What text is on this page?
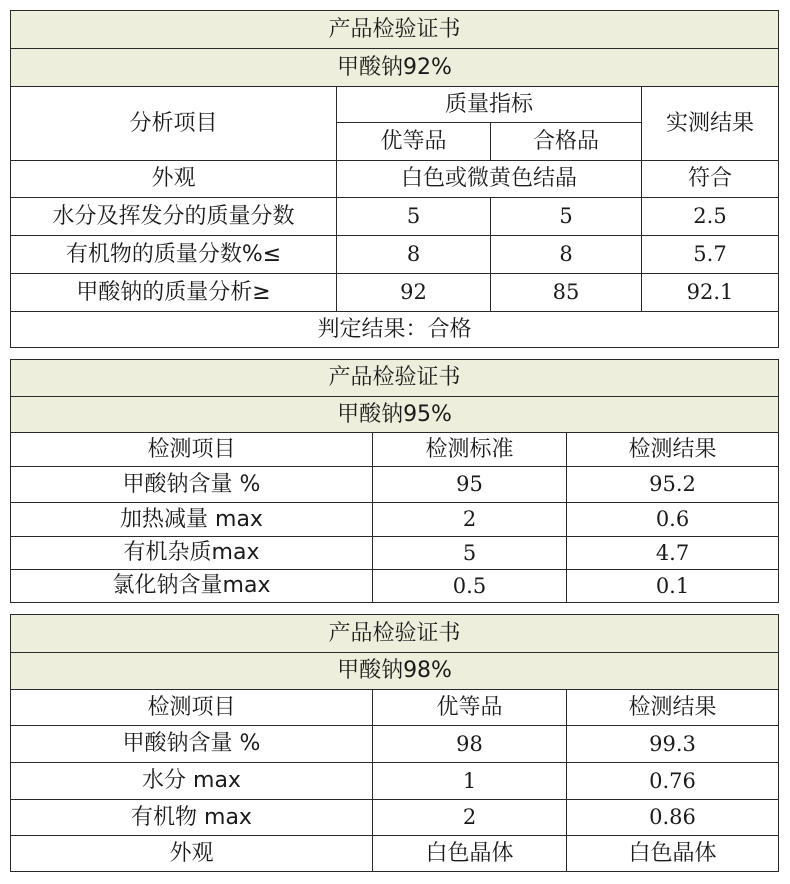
产品检验证书			
甲酸钠92%			
分析项目	质量指标		实测结果
	优等品	合格品	
外观	白色或微黄色结晶		符合
水分及挥发分的质量分数	5	5	2.5
有机物的质量分数%≤	8	8	5.7
甲酸钠的质量分析≥	92	85	92.1
判定结果：合格			
产品检验证书		
甲酸钠95%		
检测项目	检测标准	检测结果
甲酸钠含量 %	95	95.2
加热减量 max	2	0.6
有机杂质max	5	4.7
氯化钠含量max	0.5	0.1
产品检验证书		
甲酸钠98%		
检测项目	优等品	检测结果
甲酸钠含量 %	98	99.3
水分 max	1	0.76
有机物 max	2	0.86
外观	白色晶体	白色晶体
